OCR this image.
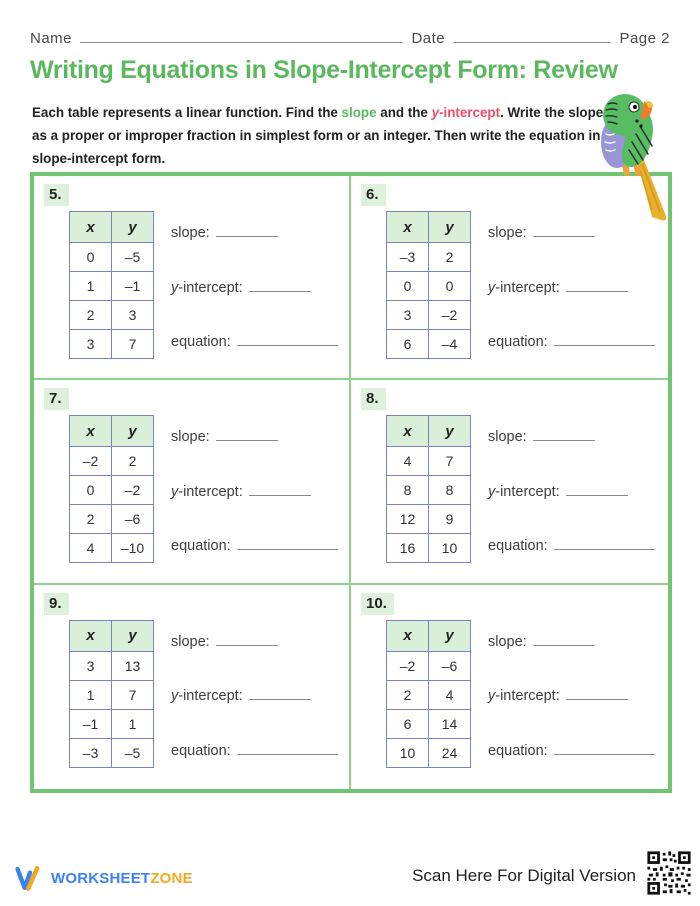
Name	Date	Page 2
Writing Equations in Slope-Intercept Form: Review
Each table represents a linear function. Find the slope and the y-intercept. Write the slope as a proper or improper fraction in simplest form or an integer. Then write the equation in slope-intercept form.
5.
x	y
0	–5
1	–1
2	3
3	7
slope:
y-intercept:
equation:
6.
x	y
–3	2
0	0
3	–2
6	–4
slope:
y-intercept:
equation:
7.
x	y
–2	2
0	–2
2	–6
4	–10
slope:
y-intercept:
equation:
8.
x	y
4	7
8	8
12	9
16	10
slope:
y-intercept:
equation:
9.
x	y
3	13
1	7
–1	1
–3	–5
slope:
y-intercept:
equation:
10.
x	y
–2	–6
2	4
6	14
10	24
slope:
y-intercept:
equation:
WORKSHEETZONE	Scan Here For Digital Version
